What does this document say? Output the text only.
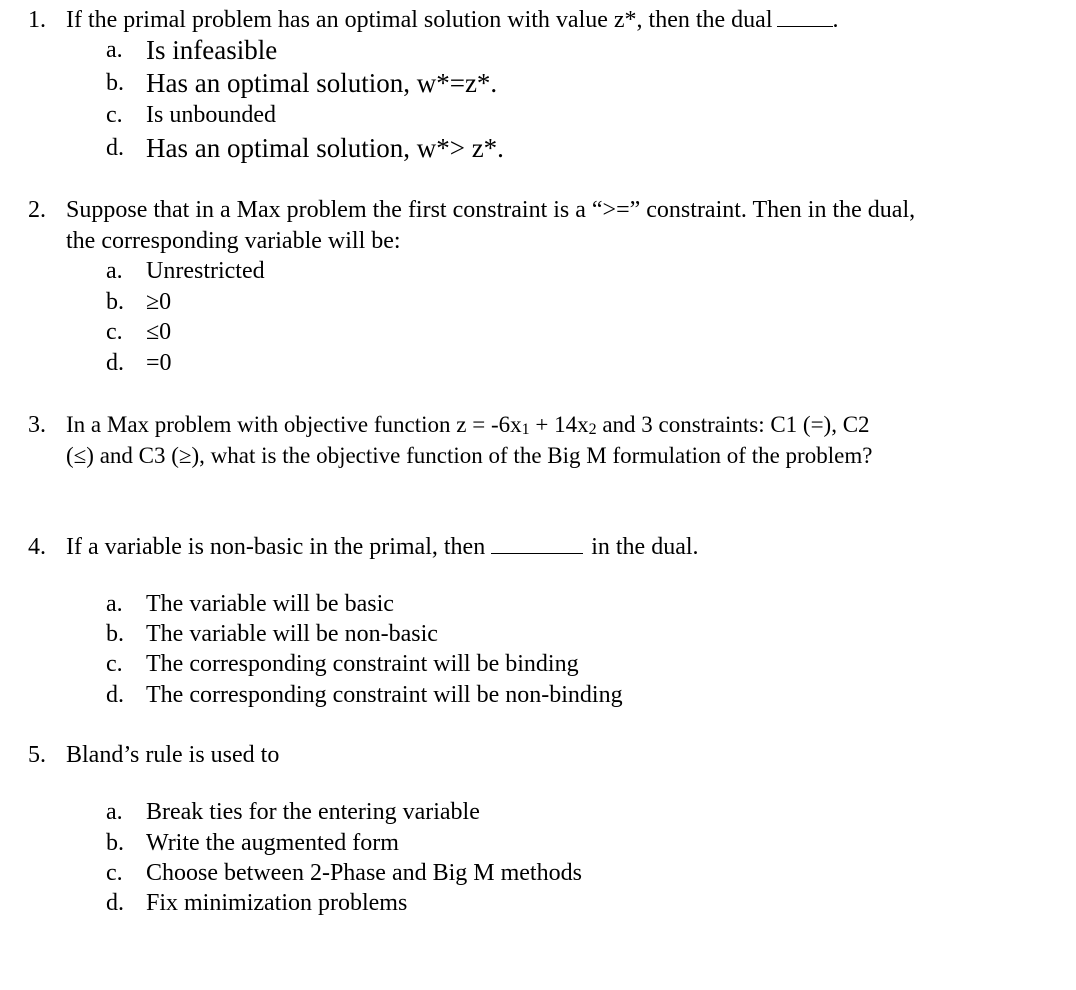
1. If the primal problem has an optimal solution with value z*, then the dual	.
a. Is infeasible
b. Has an optimal solution, w*=z*.
c. Is unbounded
d. Has an optimal solution, w*> z*.
2. Suppose that in a Max problem the first constraint is a “>=” constraint. Then in the dual,
the corresponding variable will be:
a. Unrestricted
b. ≥0
c. ≤0
d. =0
3. In a Max problem with objective function z = -6x1 + 14x2 and 3 constraints: C1 (=), C2
(≤) and C3 (≥), what is the objective function of the Big M formulation of the problem?
4. If a variable is non-basic in the primal, then	in the dual.
a. The variable will be basic
b. The variable will be non-basic
c. The corresponding constraint will be binding
d. The corresponding constraint will be non-binding
5. Bland’s rule is used to
a. Break ties for the entering variable
b. Write the augmented form
c. Choose between 2-Phase and Big M methods
d. Fix minimization problems
